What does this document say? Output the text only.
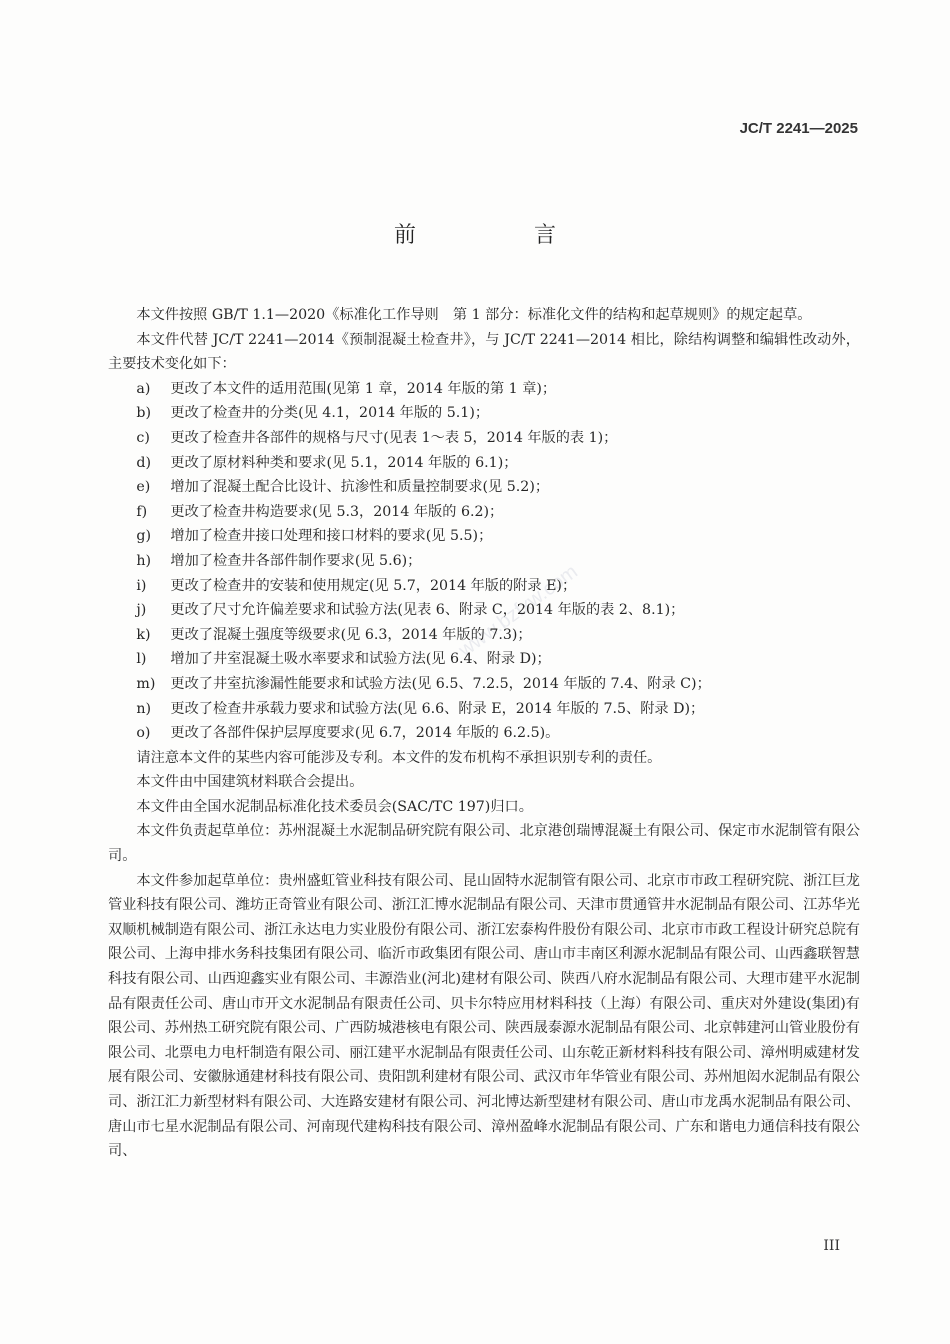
JC/T 2241—2025
前　言
www.bzfxw.com

本文件按照 GB/T 1.1—2020《标准化工作导则　第 1 部分：标准化文件的结构和起草规则》的规定起草。

本文件代替 JC/T 2241—2014《预制混凝土检查井》，与 JC/T 2241—2014 相比，除结构调整和编辑性改动外，主要技术变化如下：

a) 更改了本文件的适用范围(见第 1 章，2014 年版的第 1 章)；

b) 更改了检查井的分类(见 4.1，2014 年版的 5.1)；

c) 更改了检查井各部件的规格与尺寸(见表 1～表 5，2014 年版的表 1)；

d) 更改了原材料种类和要求(见 5.1，2014 年版的 6.1)；

e) 增加了混凝土配合比设计、抗渗性和质量控制要求(见 5.2)；

f) 更改了检查井构造要求(见 5.3，2014 年版的 6.2)；

g) 增加了检查井接口处理和接口材料的要求(见 5.5)；

h) 增加了检查井各部件制作要求(见 5.6)；

i) 更改了检查井的安装和使用规定(见 5.7，2014 年版的附录 E)；

j) 更改了尺寸允许偏差要求和试验方法(见表 6、附录 C，2014 年版的表 2、8.1)；

k) 更改了混凝土强度等级要求(见 6.3，2014 年版的 7.3)；

l) 增加了井室混凝土吸水率要求和试验方法(见 6.4、附录 D)；

m) 更改了井室抗渗漏性能要求和试验方法(见 6.5、7.2.5，2014 年版的 7.4、附录 C)；

n) 更改了检查井承载力要求和试验方法(见 6.6、附录 E，2014 年版的 7.5、附录 D)；

o) 更改了各部件保护层厚度要求(见 6.7，2014 年版的 6.2.5)。

请注意本文件的某些内容可能涉及专利。本文件的发布机构不承担识别专利的责任。

本文件由中国建筑材料联合会提出。

本文件由全国水泥制品标准化技术委员会(SAC/TC 197)归口。

本文件负责起草单位：苏州混凝土水泥制品研究院有限公司、北京港创瑞博混凝土有限公司、保定市水泥制管有限公司。

本文件参加起草单位：贵州盛虹管业科技有限公司、昆山固特水泥制管有限公司、北京市市政工程研究院、浙江巨龙管业科技有限公司、潍坊正奇管业有限公司、浙江汇博水泥制品有限公司、天津市贯通管井水泥制品有限公司、江苏华光双顺机械制造有限公司、浙江永达电力实业股份有限公司、浙江宏泰构件股份有限公司、北京市市政工程设计研究总院有限公司、上海申排水务科技集团有限公司、临沂市政集团有限公司、唐山市丰南区利源水泥制品有限公司、山西鑫联智慧科技有限公司、山西迎鑫实业有限公司、丰源浩业(河北)建材有限公司、陕西八府水泥制品有限公司、大理市建平水泥制品有限责任公司、唐山市开文水泥制品有限责任公司、贝卡尔特应用材料科技（上海）有限公司、重庆对外建设(集团)有限公司、苏州热工研究院有限公司、广西防城港核电有限公司、陕西晟泰源水泥制品有限公司、北京韩建河山管业股份有限公司、北票电力电杆制造有限公司、丽江建平水泥制品有限责任公司、山东乾正新材料科技有限公司、漳州明威建材发展有限公司、安徽脉通建材科技有限公司、贵阳凯利建材有限公司、武汉市年华管业有限公司、苏州旭闳水泥制品有限公司、浙江汇力新型材料有限公司、大连路安建材有限公司、河北博达新型建材有限公司、唐山市龙禹水泥制品有限公司、唐山市七星水泥制品有限公司、河南现代建构科技有限公司、漳州盈峰水泥制品有限公司、广东和谐电力通信科技有限公司、

III
